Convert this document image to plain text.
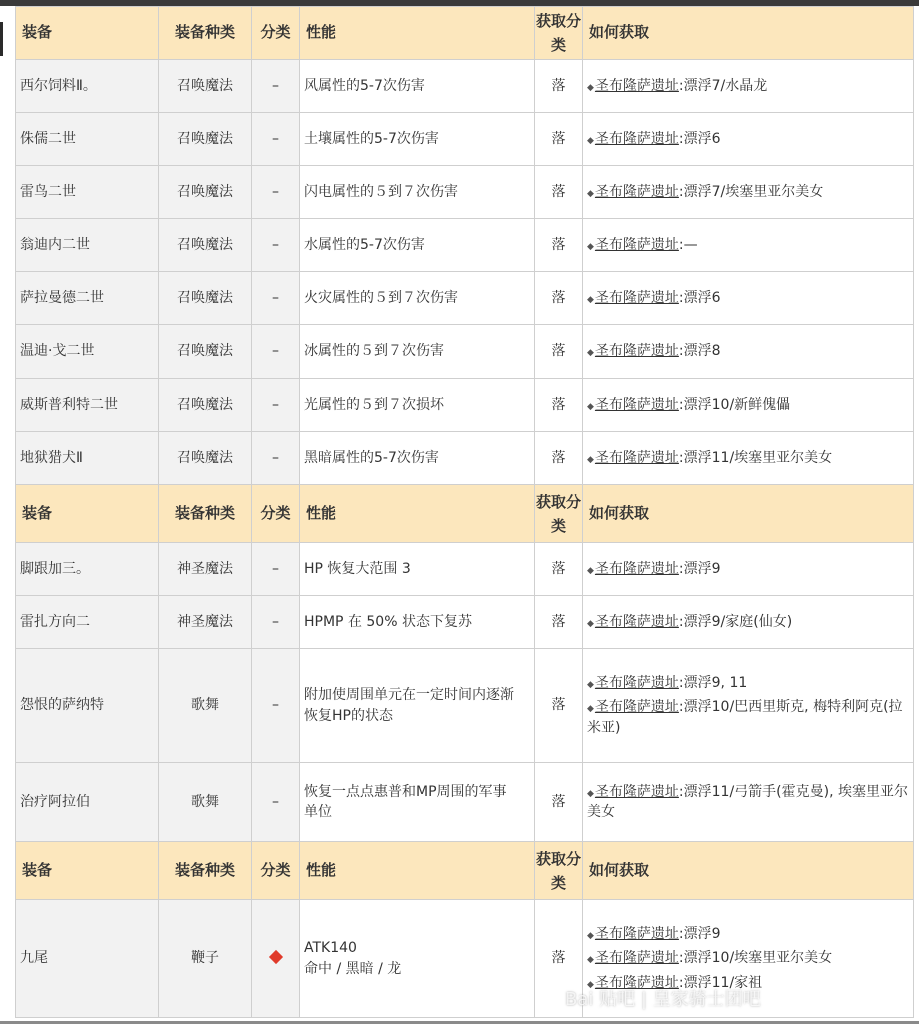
装备	装备种类	分类	性能	获取分类	如何获取
西尔饲料Ⅱ。	召唤魔法	–	风属性的5-7次伤害	落	◆圣布隆萨遗址:漂浮7/水晶龙

侏儒二世	召唤魔法	–	土壤属性的5-7次伤害	落	◆圣布隆萨遗址:漂浮6

雷鸟二世	召唤魔法	–	闪电属性的５到７次伤害	落	◆圣布隆萨遗址:漂浮7/埃塞里亚尔美女

翁迪内二世	召唤魔法	–	水属性的5-7次伤害	落	◆圣布隆萨遗址:—

萨拉曼德二世	召唤魔法	–	火灾属性的５到７次伤害	落	◆圣布隆萨遗址:漂浮6

温迪·戈二世	召唤魔法	–	冰属性的５到７次伤害	落	◆圣布隆萨遗址:漂浮8

威斯普利特二世	召唤魔法	–	光属性的５到７次损坏	落	◆圣布隆萨遗址:漂浮10/新鲜傀儡

地狱猎犬Ⅱ	召唤魔法	–	黑暗属性的5-7次伤害	落	◆圣布隆萨遗址:漂浮11/埃塞里亚尔美女

装备	装备种类	分类	性能	获取分类	如何获取
脚跟加三。	神圣魔法	–	HP 恢复大范围 3	落	◆圣布隆萨遗址:漂浮9

雷扎方向二	神圣魔法	–	HPMP 在 50% 状态下复苏	落	◆圣布隆萨遗址:漂浮9/家庭(仙女)

怨恨的萨纳特	歌舞	–	附加使周围单元在一定时间内逐渐
恢复HP的状态	落	◆圣布隆萨遗址:漂浮9, 11
◆圣布隆萨遗址:漂浮10/巴西里斯克, 梅特利阿克(拉米亚)

治疗阿拉伯	歌舞	–	恢复一点点惠普和MP周围的军事
单位	落	◆圣布隆萨遗址:漂浮11/弓箭手(霍克曼), 埃塞里亚尔美女

装备	装备种类	分类	性能	获取分类	如何获取
九尾	鞭子		ATK140
命中 / 黑暗 / 龙	落	◆圣布隆萨遗址:漂浮9
◆圣布隆萨遗址:漂浮10/埃塞里亚尔美女
◆圣布隆萨遗址:漂浮11/家祖
Bai 贴吧 | 皇家骑士团吧
